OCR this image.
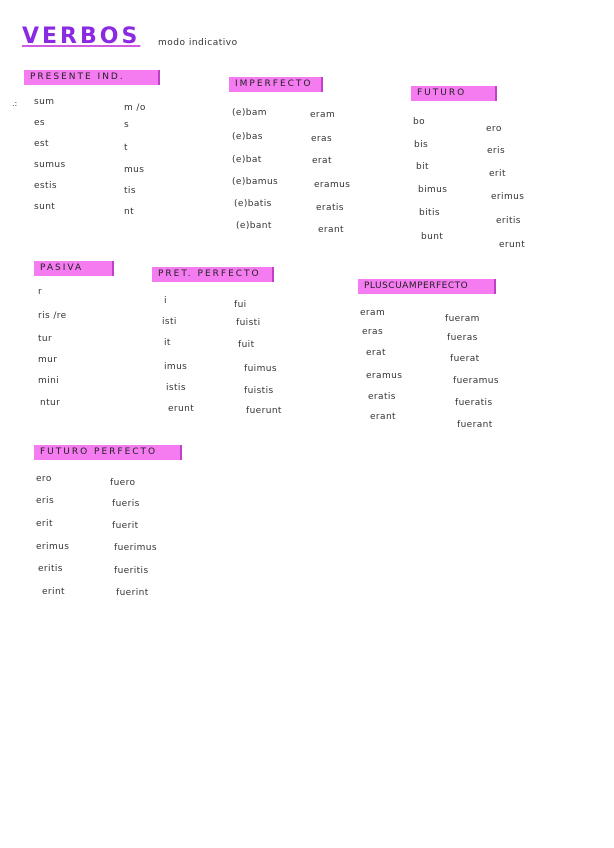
VERBOS modo indicativo
.:
PRESENTE IND.
sum
es
est
sumus
estis
sunt
m /o
s
t
mus
tis
nt
IMPERFECTO
(e)bam
(e)bas
(e)bat
(e)bamus
(e)batis
(e)bant
eram
eras
erat
eramus
eratis
erant
FUTURO
bo
bis
bit
bimus
bitis
bunt
ero
eris
erit
erimus
eritis
erunt
PASIVA
r
ris /re
tur
mur
mini
ntur
PRET. PERFECTO
i
isti
it
imus
istis
erunt
fui
fuisti
fuit
fuimus
fuistis
fuerunt
PLUSCUAMPERFECTO
eram
eras
erat
eramus
eratis
erant
fueram
fueras
fuerat
fueramus
fueratis
fuerant
FUTURO PERFECTO
ero
eris
erit
erimus
eritis
erint
fuero
fueris
fuerit
fuerimus
fueritis
fuerint
